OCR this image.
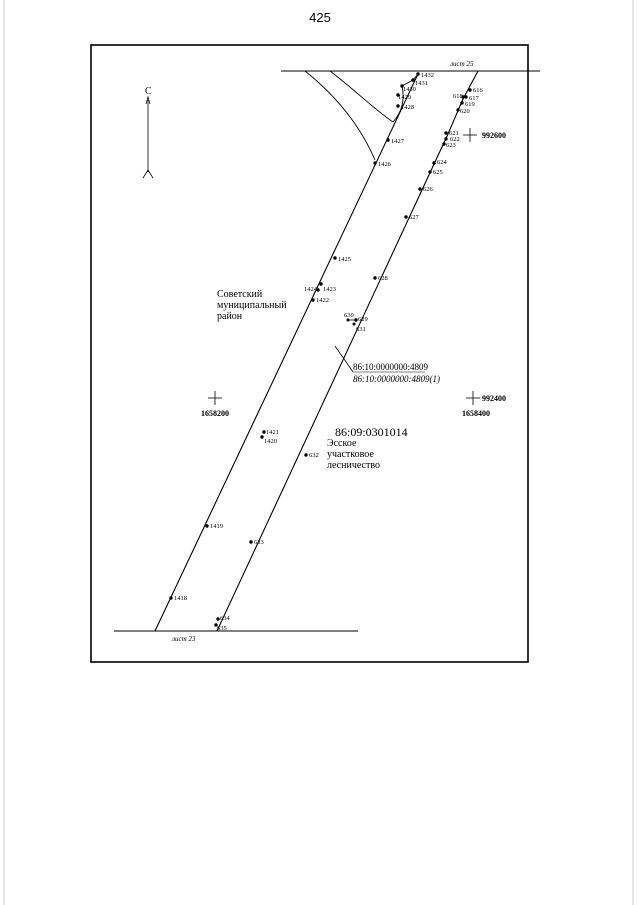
425
лист 25
лист 23
С
992600
992400
1658200	1658400
Советский муниципальный район
Эсское участковое лесничество
86:10:0000000:4809
86:10:0000000:4809(1)
86:09:0301014
1432
1431
1430
1429
1428
1427
1426
1425
1424 1423
1422
1421
1420
1419
1418
616
617
618
619
620
621
622
623
624
625
626
627
628
629
630
631
632
633
634
635
